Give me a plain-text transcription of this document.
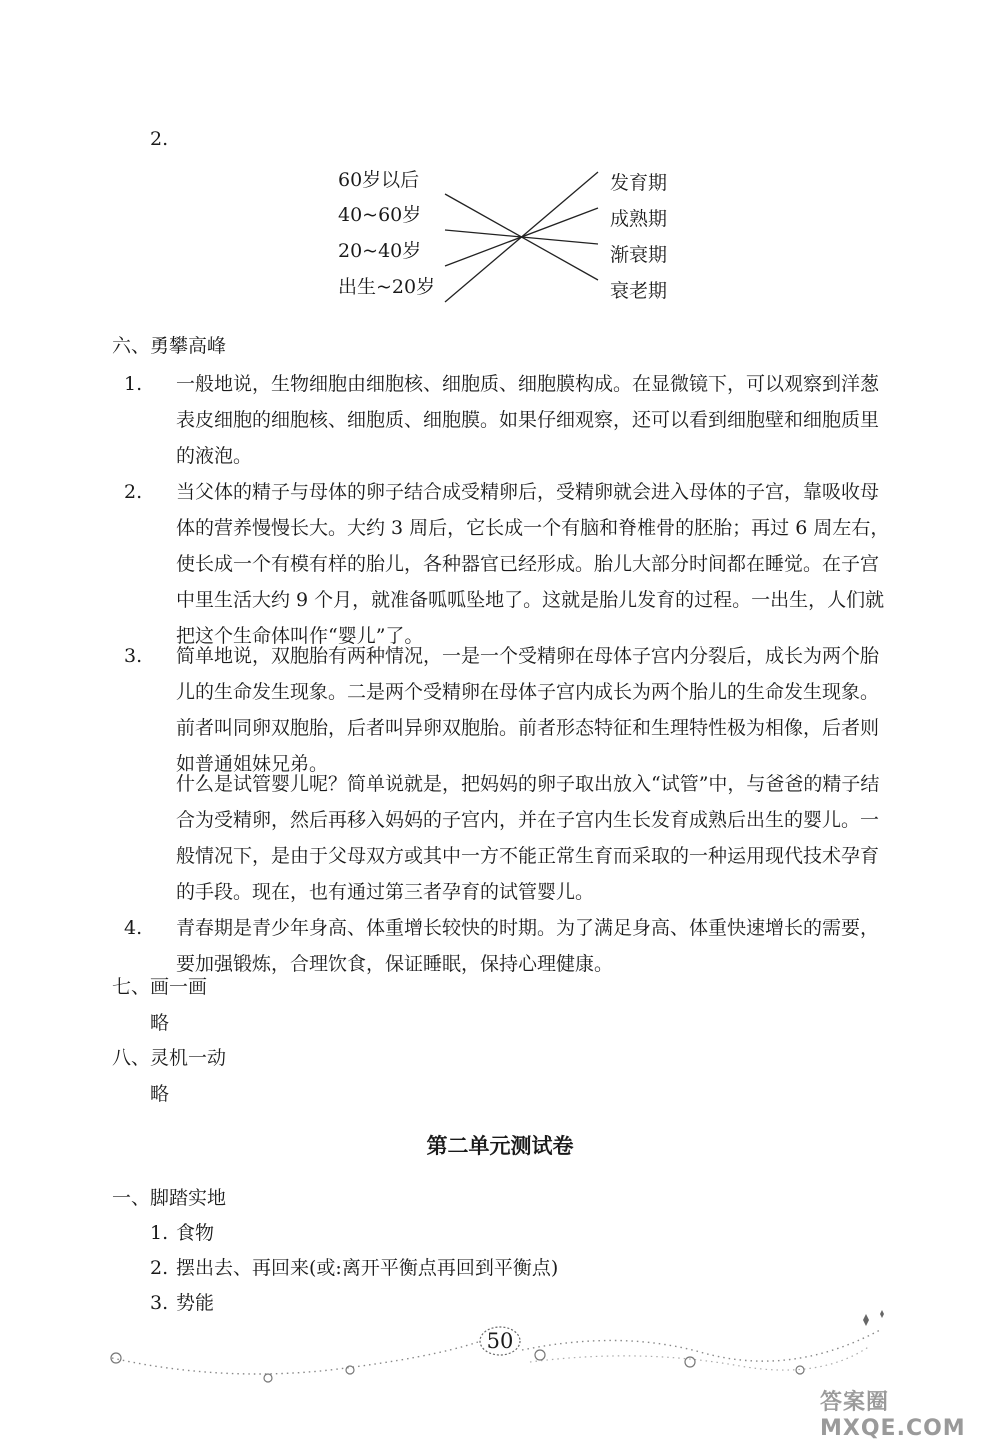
2.
60岁以后
40~60岁
20~40岁
出生~20岁
发育期
成熟期
渐衰期
衰老期
六、勇攀高峰
1. 一般地说，生物细胞由细胞核、细胞质、细胞膜构成。在显微镜下，可以观察到洋葱表皮细胞的细胞核、细胞质、细胞膜。如果仔细观察，还可以看到细胞壁和细胞质里的液泡。
2. 当父体的精子与母体的卵子结合成受精卵后，受精卵就会进入母体的子宫，靠吸收母体的营养慢慢长大。大约 3 周后，它长成一个有脑和脊椎骨的胚胎；再过 6 周左右，使长成一个有模有样的胎儿，各种器官已经形成。胎儿大部分时间都在睡觉。在子宫中里生活大约 9 个月，就准备呱呱坠地了。这就是胎儿发育的过程。一出生，人们就把这个生命体叫作“婴儿”了。
3. 简单地说，双胞胎有两种情况，一是一个受精卵在母体子宫内分裂后，成长为两个胎儿的生命发生现象。二是两个受精卵在母体子宫内成长为两个胎儿的生命发生现象。前者叫同卵双胞胎，后者叫异卵双胞胎。前者形态特征和生理特性极为相像，后者则如普通姐妹兄弟。
什么是试管婴儿呢？简单说就是，把妈妈的卵子取出放入“试管”中，与爸爸的精子结合为受精卵，然后再移入妈妈的子宫内，并在子宫内生长发育成熟后出生的婴儿。一般情况下，是由于父母双方或其中一方不能正常生育而采取的一种运用现代技术孕育的手段。现在，也有通过第三者孕育的试管婴儿。
4. 青春期是青少年身高、体重增长较快的时期。为了满足身高、体重快速增长的需要，要加强锻炼，合理饮食，保证睡眠，保持心理健康。
七、画一画
略
八、灵机一动
略
第二单元测试卷
一、脚踏实地
1. 食物
2. 摆出去、再回来(或:离开平衡点再回到平衡点)
3. 势能
50
答案圈 MXQE.COM
